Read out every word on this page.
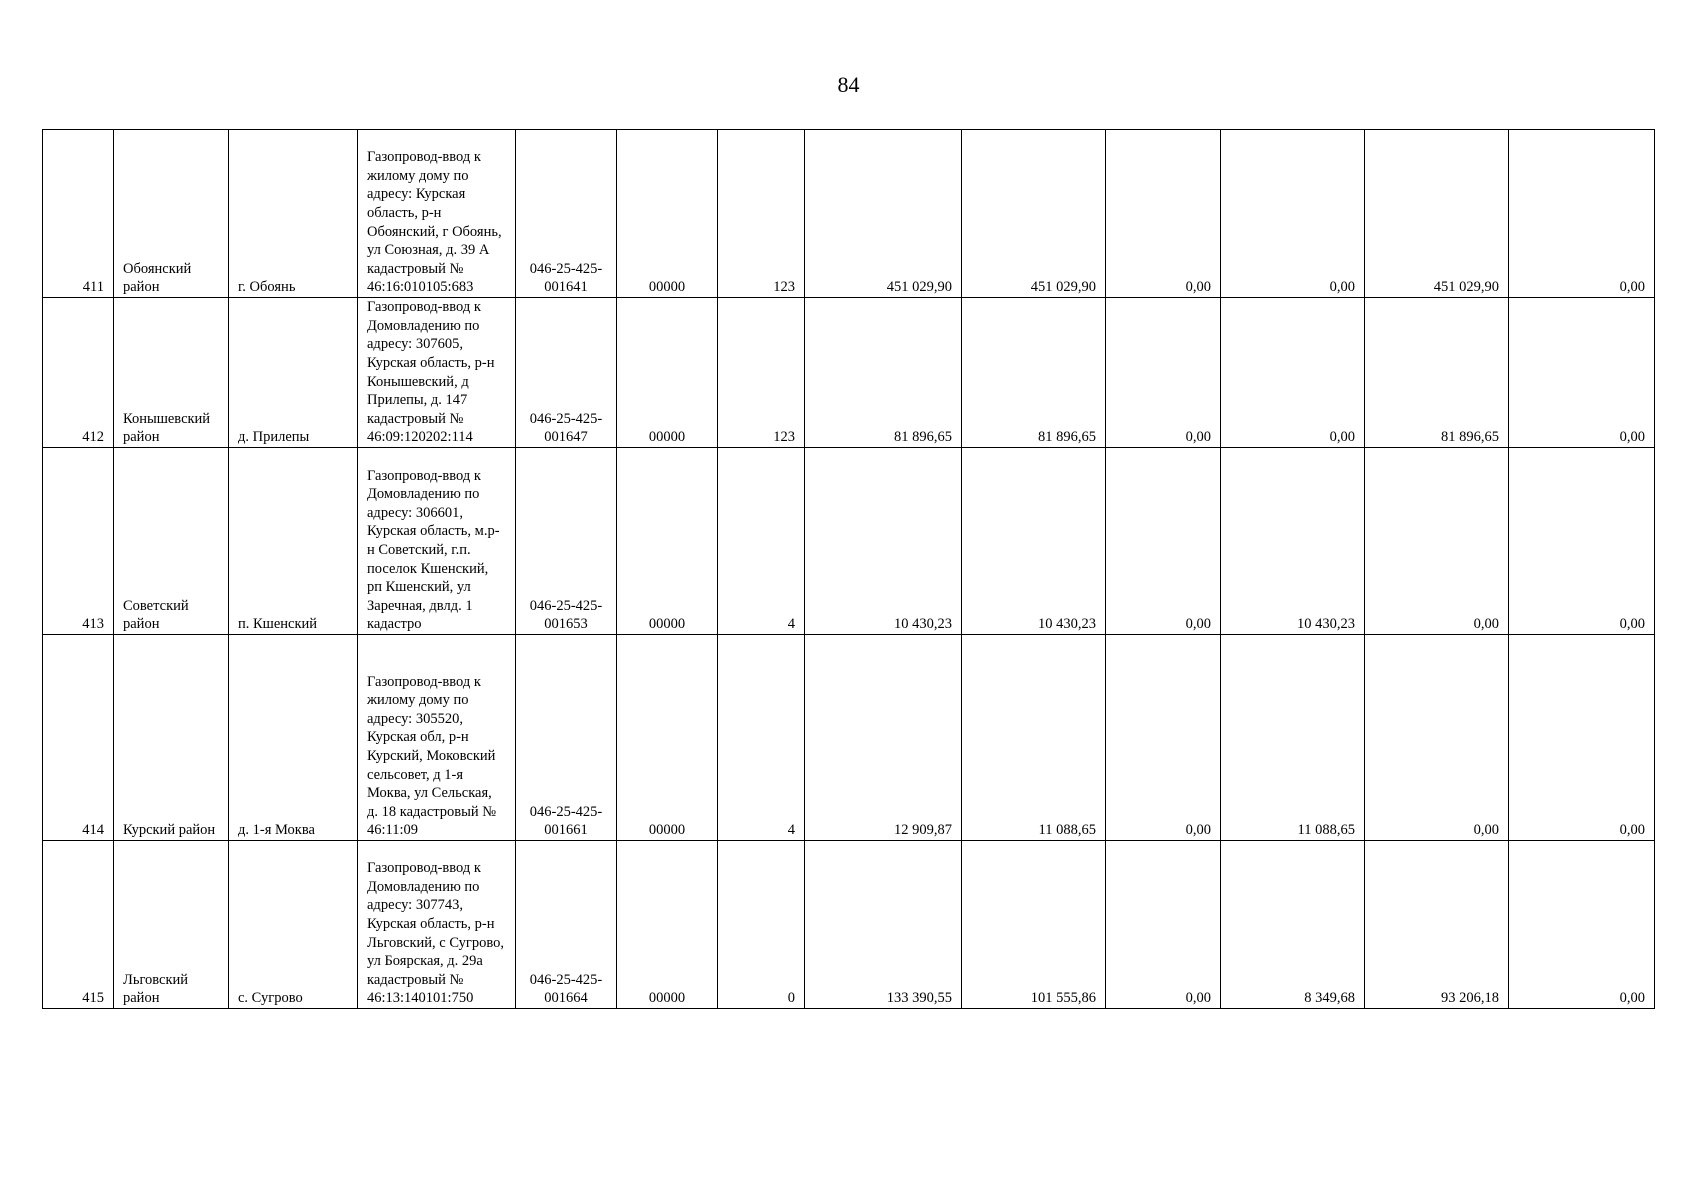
84
411	Обоянский район	г. Обоянь	Газопровод-ввод к жилому дому по адресу: Курская область, р-н Обоянский, г Обоянь, ул Союзная, д. 39 А кадастровый № 46:16:010105:683	046-25-425-001641	00000	123	451 029,90	451 029,90	0,00	0,00	451 029,90	0,00
412	Конышевский район	д. Прилепы	Газопровод-ввод к Домовладению по адресу: 307605, Курская область, р-н Конышевский, д Прилепы, д. 147 кадастровый № 46:09:120202:114	046-25-425-001647	00000	123	81 896,65	81 896,65	0,00	0,00	81 896,65	0,00
413	Советский район	п. Кшенский	Газопровод-ввод к Домовладению по адресу: 306601, Курская область, м.р-н Советский, г.п. поселок Кшенский, рп Кшенский, ул Заречная, двлд. 1 кадастро	046-25-425-001653	00000	4	10 430,23	10 430,23	0,00	10 430,23	0,00	0,00
414	Курский район	д. 1-я Моква	Газопровод-ввод к жилому дому по адресу: 305520, Курская обл, р-н Курский, Моковский сельсовет, д 1-я Моква, ул Сельская, д. 18 кадастровый № 46:11:09	046-25-425-001661	00000	4	12 909,87	11 088,65	0,00	11 088,65	0,00	0,00
415	Льговский район	с. Сугрово	Газопровод-ввод к Домовладению по адресу: 307743, Курская область, р-н Льговский, с Сугрово, ул Боярская, д. 29а кадастровый № 46:13:140101:750	046-25-425-001664	00000	0	133 390,55	101 555,86	0,00	8 349,68	93 206,18	0,00
